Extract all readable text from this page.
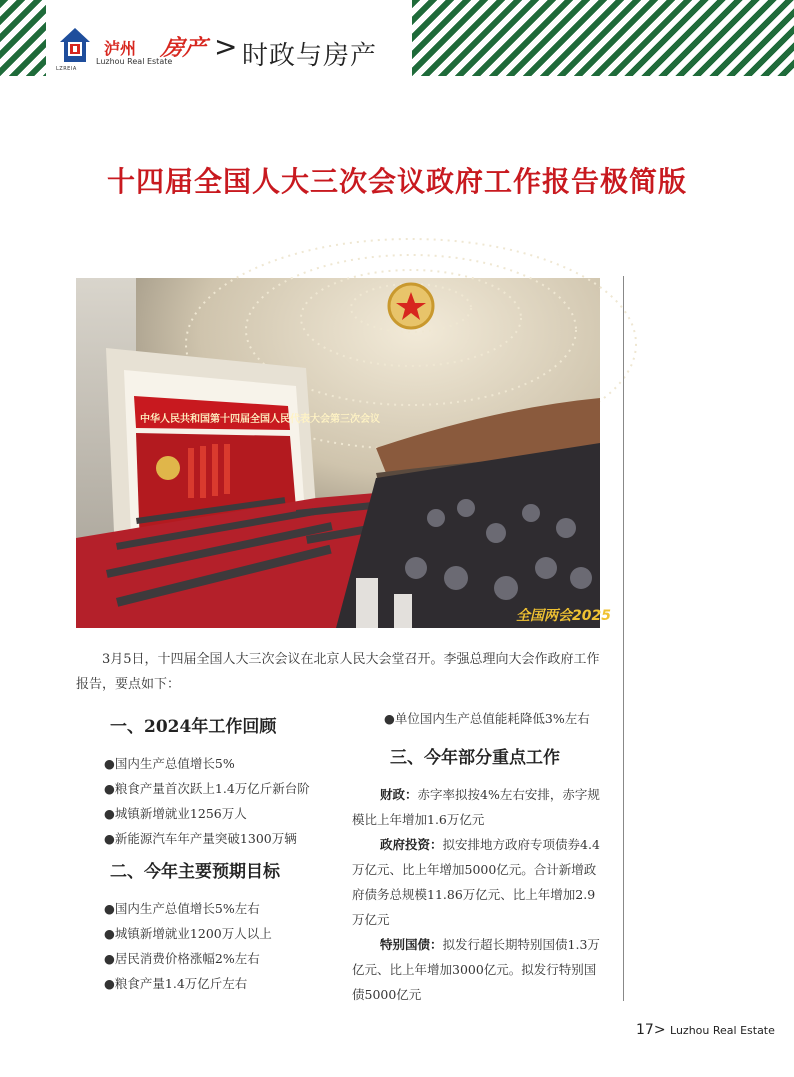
LZREIA
泸州 房产
Luzhou Real Estate > 时政与房产
十四届全国人大三次会议政府工作报告极简版
中华人民共和国第十四届全国人民代表大会第三次会议
全国两会2025

3月5日，十四届全国人大三次会议在北京人民大会堂召开。李强总理向大会作政府工作报告，要点如下：

一、2024年工作回顾

●国内生产总值增长5%

●粮食产量首次跃上1.4万亿斤新台阶

●城镇新增就业1256万人

●新能源汽车年产量突破1300万辆

二、今年主要预期目标

●国内生产总值增长5%左右

●城镇新增就业1200万人以上

●居民消费价格涨幅2%左右

●粮食产量1.4万亿斤左右

●单位国内生产总值能耗降低3%左右

三、今年部分重点工作

财政：赤字率拟按4%左右安排，赤字规模比上年增加1.6万亿元

政府投资：拟安排地方政府专项债券4.4万亿元、比上年增加5000亿元。合计新增政府债务总规模11.86万亿元、比上年增加2.9万亿元

特别国债：拟发行超长期特别国债1.3万亿元、比上年增加3000亿元。拟发行特别国债5000亿元

17> Luzhou Real Estate
